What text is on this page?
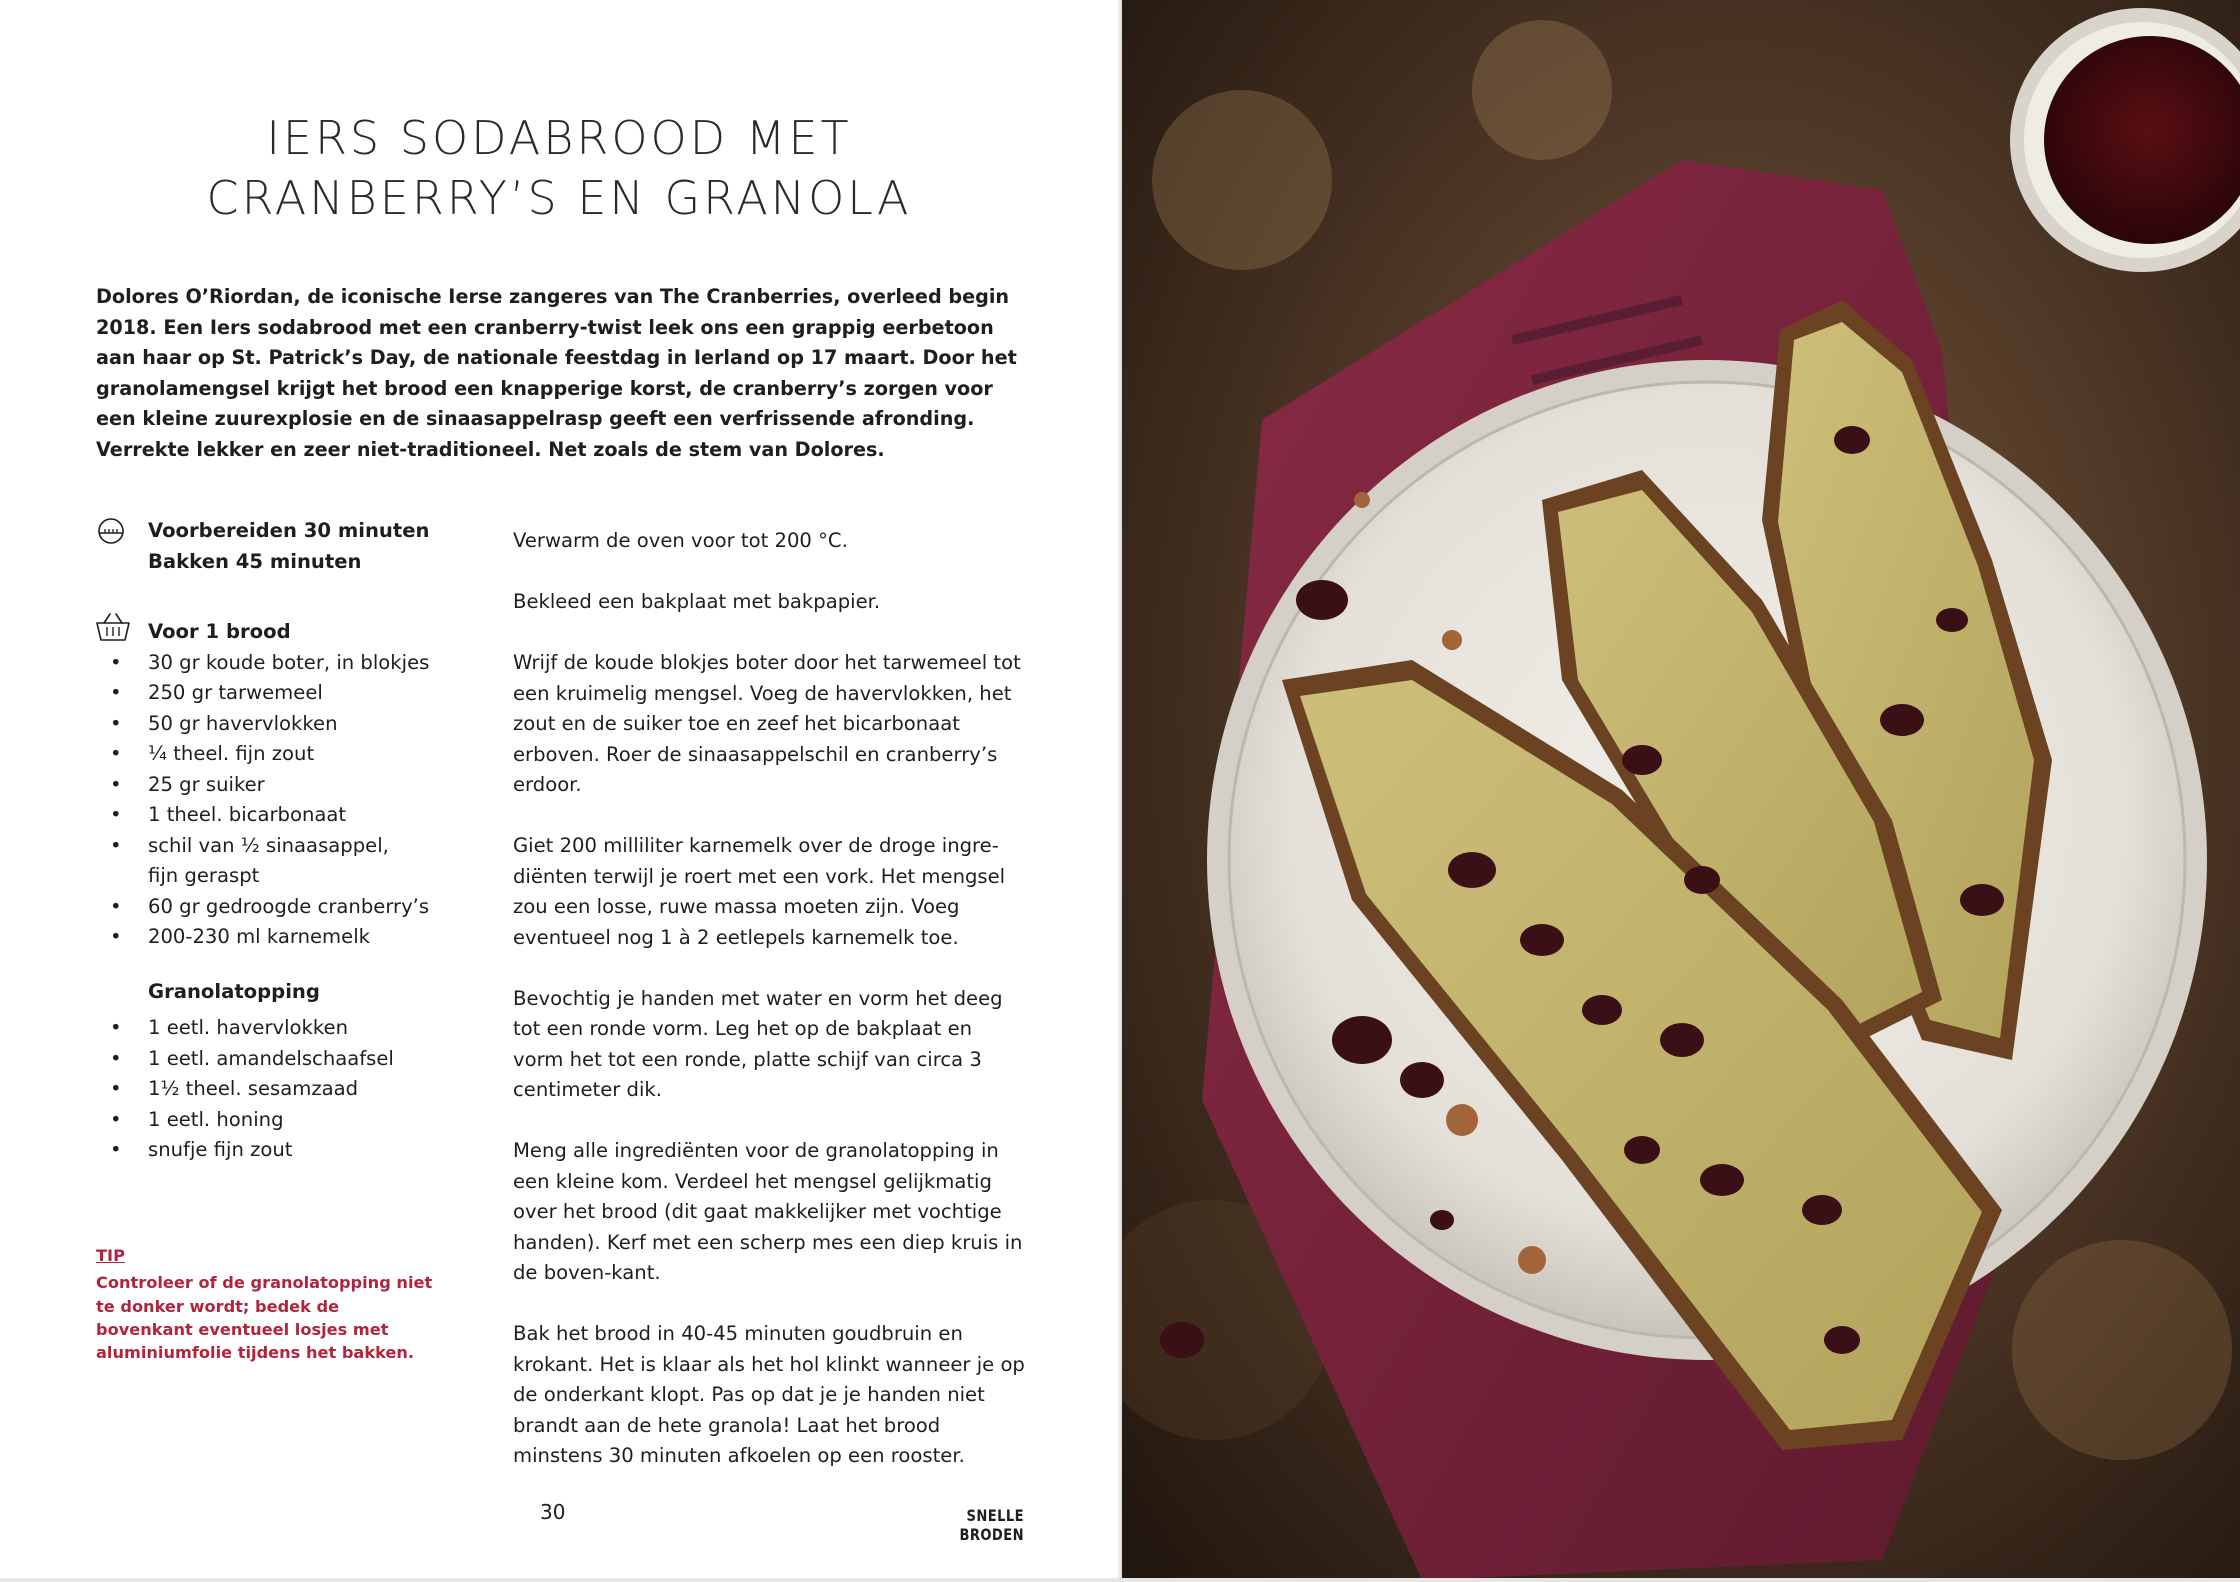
IERS SODABROOD MET
CRANBERRY’S EN GRANOLA

Dolores O’Riordan, de iconische Ierse zangeres van The Cranberries, overleed begin 2018. Een Iers sodabrood met een cranberry-twist leek ons een grappig eerbetoon aan haar op St. Patrick’s Day, de nationale feestdag in Ierland op 17 maart. Door het granolamengsel krijgt het brood een knapperige korst, de cranberry’s zorgen voor een kleine zuurexplosie en de sinaasappelrasp geeft een verfrissende afronding. Verrekte lekker en zeer niet-traditioneel. Net zoals de stem van Dolores.

Voorbereiden 30 minuten
Bakken 45 minuten
Voor 1 brood
• 30 gr koude boter, in blokjes
• 250 gr tarwemeel
• 50 gr havervlokken
• ¼ theel. fijn zout
• 25 gr suiker
• 1 theel. bicarbonaat
• schil van ½ sinaasappel,
fijn geraspt
• 60 gr gedroogde cranberry’s
• 200-230 ml karnemelk
Granolatopping
• 1 eetl. havervlokken
• 1 eetl. amandelschaafsel
• 1½ theel. sesamzaad
• 1 eetl. honing
• snufje fijn zout
TIP
Controleer of de granolatopping niet te donker wordt; bedek de bovenkant eventueel losjes met aluminiumfolie tijdens het bakken.

Verwarm de oven voor tot 200 °C.

Bekleed een bakplaat met bakpapier.

Wrijf de koude blokjes boter door het tarwemeel tot een kruimelig mengsel. Voeg de havervlokken, het zout en de suiker toe en zeef het bicarbonaat erboven. Roer de sinaasappelschil en cranberry’s erdoor.

Giet 200 milliliter karnemelk over de droge ingre-diënten terwijl je roert met een vork. Het mengsel zou een losse, ruwe massa moeten zijn. Voeg eventueel nog 1 à 2 eetlepels karnemelk toe.

Bevochtig je handen met water en vorm het deeg tot een ronde vorm. Leg het op de bakplaat en vorm het tot een ronde, platte schijf van circa 3 centimeter dik.

Meng alle ingrediënten voor de granolatopping in een kleine kom. Verdeel het mengsel gelijkmatig over het brood (dit gaat makkelijker met vochtige handen). Kerf met een scherp mes een diep kruis in de boven-kant.

Bak het brood in 40-45 minuten goudbruin en krokant. Het is klaar als het hol klinkt wanneer je op de onderkant klopt. Pas op dat je je handen niet brandt aan de hete granola! Laat het brood minstens 30 minuten afkoelen op een rooster.

30	SNELLE BRODEN
